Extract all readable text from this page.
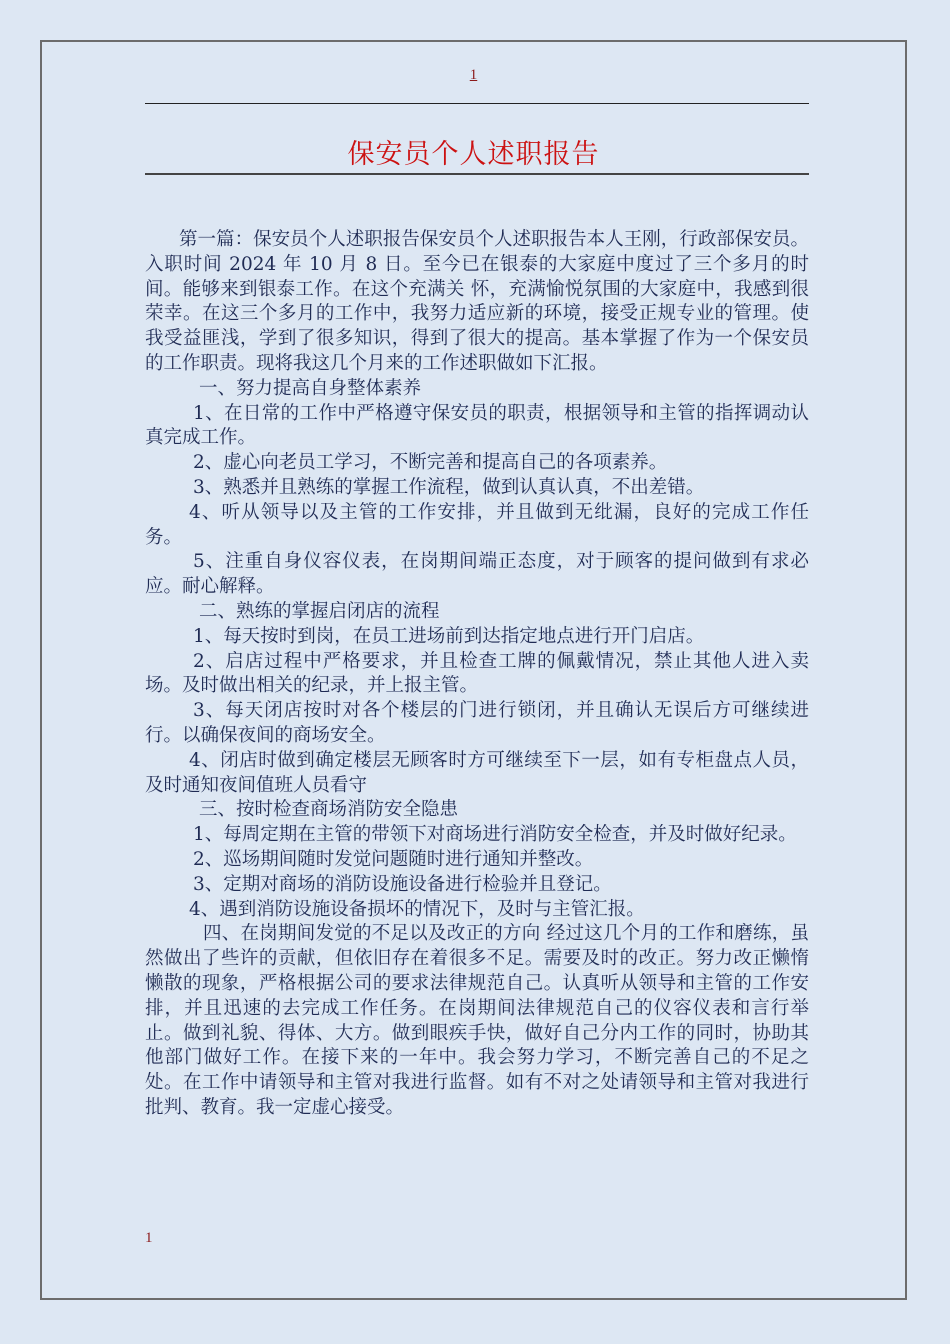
1
保安员个人述职报告

第一篇：保安员个人述职报告保安员个人述职报告本人王刚，行政部保安员。入职时间 2024 年 10 月 8 日。至今已在银泰的大家庭中度过了三个多月的时间。能够来到银泰工作。在这个充满关 怀，充满愉悦氛围的大家庭中，我感到很荣幸。在这三个多月的工作中，我努力适应新的环境，接受正规专业的管理。使我受益匪浅，学到了很多知识，得到了很大的提高。基本掌握了作为一个保安员的工作职责。现将我这几个月来的工作述职做如下汇报。

一、努力提高自身整体素养

1、在日常的工作中严格遵守保安员的职责，根据领导和主管的指挥调动认真完成工作。

2、虚心向老员工学习，不断完善和提高自己的各项素养。

3、熟悉并且熟练的掌握工作流程，做到认真认真，不出差错。

4、听从领导以及主管的工作安排，并且做到无纰漏，良好的完成工作任务。

5、注重自身仪容仪表，在岗期间端正态度，对于顾客的提问做到有求必应。耐心解释。

二、熟练的掌握启闭店的流程

1、每天按时到岗，在员工进场前到达指定地点进行开门启店。

2、启店过程中严格要求，并且检查工牌的佩戴情况，禁止其他人进入卖场。及时做出相关的纪录，并上报主管。

3、每天闭店按时对各个楼层的门进行锁闭，并且确认无误后方可继续进行。以确保夜间的商场安全。

4、闭店时做到确定楼层无顾客时方可继续至下一层，如有专柜盘点人员，及时通知夜间值班人员看守

三、按时检查商场消防安全隐患

1、每周定期在主管的带领下对商场进行消防安全检查，并及时做好纪录。

2、巡场期间随时发觉问题随时进行通知并整改。

3、定期对商场的消防设施设备进行检验并且登记。

4、遇到消防设施设备损坏的情况下，及时与主管汇报。

四、在岗期间发觉的不足以及改正的方向 经过这几个月的工作和磨练，虽然做出了些许的贡献，但依旧存在着很多不足。需要及时的改正。努力改正懒惰懒散的现象，严格根据公司的要求法律规范自己。认真听从领导和主管的工作安排，并且迅速的去完成工作任务。在岗期间法律规范自己的仪容仪表和言行举止。做到礼貌、得体、大方。做到眼疾手快，做好自己分内工作的同时，协助其他部门做好工作。在接下来的一年中。我会努力学习，不断完善自己的不足之处。在工作中请领导和主管对我进行监督。如有不对之处请领导和主管对我进行批判、教育。我一定虚心接受。

1
